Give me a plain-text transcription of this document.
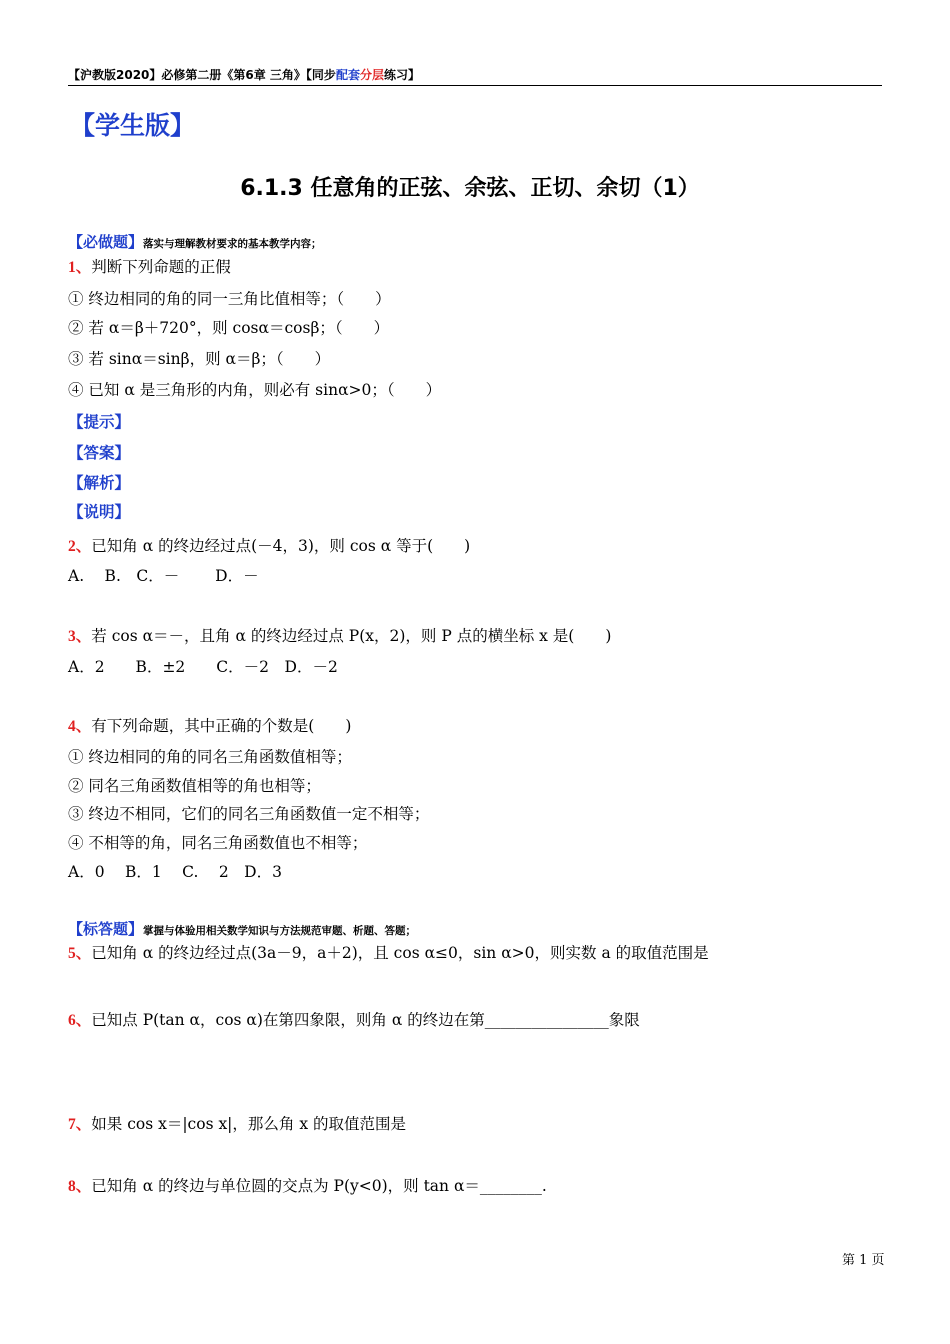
【沪教版2020】必修第二册《第6章 三角》【同步配套分层练习】
【学生版】
6.1.3 任意角的正弦、余弦、正切、余切（1）
【必做题】落实与理解教材要求的基本教学内容；
1、判断下列命题的正假
① 终边相同的角的同一三角比值相等；（　　）
② 若 α＝β＋720°，则 cosα＝cosβ；（　　）
③ 若 sinα＝sinβ，则 α＝β；（　　）
④ 已知 α 是三角形的内角，则必有 sinα>0；（　　）
【提示】
【答案】
【解析】
【说明】
2、已知角 α 的终边经过点(－4，3)，则 cos α 等于(　　)
A.　 B.　C．－　　 D．－
3、若 cos α＝－，且角 α 的终边经过点 P(x，2)，则 P 点的横坐标 x 是(　　)
A．2　　B．±2　　C．－2　D．－2
4、有下列命题，其中正确的个数是(　　)
① 终边相同的角的同名三角函数值相等；
② 同名三角函数值相等的角也相等；
③ 终边不相同，它们的同名三角函数值一定不相等；
④ 不相等的角，同名三角函数值也不相等；
A．0　 B．1　 C.　 2　D．3
【标答题】掌握与体验用相关数学知识与方法规范审题、析题、答题；
5、已知角 α 的终边经过点(3a－9，a＋2)，且 cos α≤0，sin α>0，则实数 a 的取值范围是
6、已知点 P(tan α，cos α)在第四象限，则角 α 的终边在第________________象限
7、如果 cos x＝|cos x|，那么角 x 的取值范围是
8、已知角 α 的终边与单位圆的交点为 P(y<0)，则 tan α＝________.
第 1 页
